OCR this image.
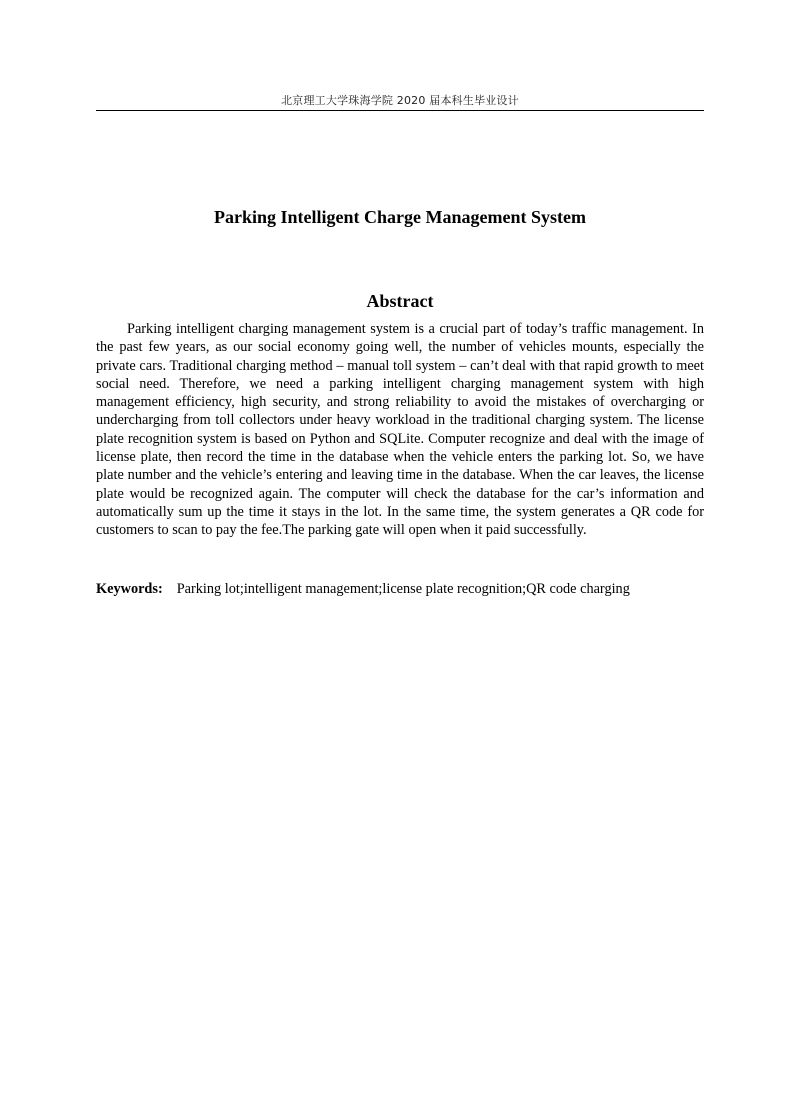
北京理工大学珠海学院 2020 届本科生毕业设计
Parking Intelligent Charge Management System
Abstract

Parking intelligent charging management system is a crucial part of today’s traffic management. In the past few years, as our social economy going well, the number of vehicles mounts, especially the private cars. Traditional charging method – manual toll system – can’t deal with that rapid growth to meet social need. Therefore, we need a parking intelligent charging management system with high management efficiency, high security, and strong reliability to avoid the mistakes of overcharging or undercharging from toll collectors under heavy workload in the traditional charging system. The license plate recognition system is based on Python and SQLite. Computer recognize and deal with the image of license plate, then record the time in the database when the vehicle enters the parking lot. So, we have plate number and the vehicle’s entering and leaving time in the database. When the car leaves, the license plate would be recognized again. The computer will check the database for the car’s information and automatically sum up the time it stays in the lot. In the same time, the system generates a QR code for customers to scan to pay the fee.The parking gate will open when it paid successfully.

Keywords: Parking lot;intelligent management;license plate recognition;QR code charging
